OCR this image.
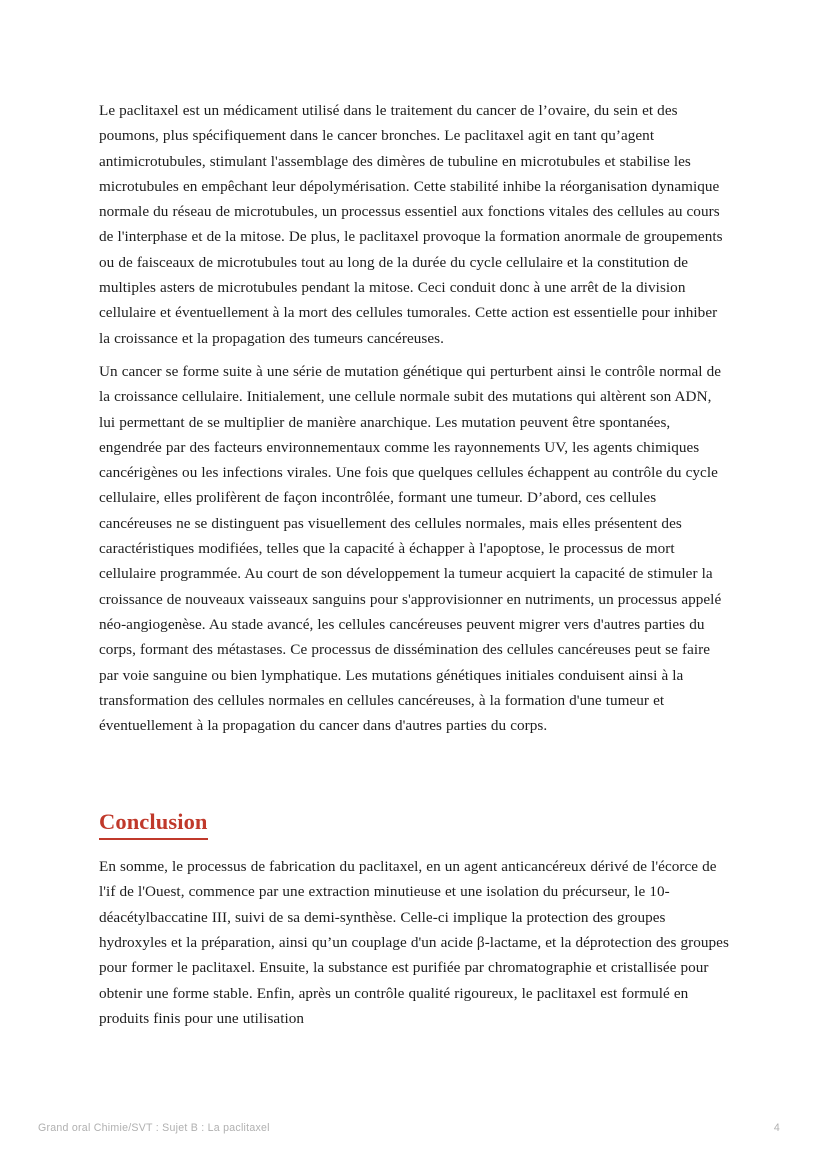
Le paclitaxel est un médicament utilisé dans le traitement du cancer de l’ovaire, du sein et des poumons, plus spécifiquement dans le cancer bronches. Le paclitaxel agit en tant qu’agent antimicrotubules, stimulant l'assemblage des dimères de tubuline en microtubules et stabilise les microtubules en empêchant leur dépolymérisation. Cette stabilité inhibe la réorganisation dynamique normale du réseau de microtubules, un processus essentiel aux fonctions vitales des cellules au cours de l'interphase et de la mitose. De plus, le paclitaxel provoque la formation anormale de groupements ou de faisceaux de microtubules tout au long de la durée du cycle cellulaire et la constitution de multiples asters de microtubules pendant la mitose. Ceci conduit donc à une arrêt de la division cellulaire et éventuellement à la mort des cellules tumorales. Cette action est essentielle pour inhiber la croissance et la propagation des tumeurs cancéreuses.

Un cancer se forme suite à une série de mutation génétique qui perturbent ainsi le contrôle normal de la croissance cellulaire. Initialement, une cellule normale subit des mutations qui altèrent son ADN, lui permettant de se multiplier de manière anarchique. Les mutation peuvent être spontanées, engendrée par des facteurs environnementaux comme les rayonnements UV, les agents chimiques cancérigènes ou les infections virales. Une fois que quelques cellules échappent au contrôle du cycle cellulaire, elles prolifèrent de façon incontrôlée, formant une tumeur. D’abord, ces cellules cancéreuses ne se distinguent pas visuellement des cellules normales, mais elles présentent des caractéristiques modifiées, telles que la capacité à échapper à l'apoptose, le processus de mort cellulaire programmée. Au court de son développement la tumeur acquiert la capacité de stimuler la croissance de nouveaux vaisseaux sanguins pour s'approvisionner en nutriments, un processus appelé néo-angiogenèse. Au stade avancé, les cellules cancéreuses peuvent migrer vers d'autres parties du corps, formant des métastases. Ce processus de dissémination des cellules cancéreuses peut se faire par voie sanguine ou bien lymphatique. Les mutations génétiques initiales conduisent ainsi à la transformation des cellules normales en cellules cancéreuses, à la formation d'une tumeur et éventuellement à la propagation du cancer dans d'autres parties du corps.

Conclusion

En somme, le processus de fabrication du paclitaxel, en un agent anticancéreux dérivé de l'écorce de l'if de l'Ouest, commence par une extraction minutieuse et une isolation du précurseur, le 10-déacétylbaccatine III, suivi de sa demi-synthèse. Celle-ci implique la protection des groupes hydroxyles et la préparation, ainsi qu’un couplage d'un acide β-lactame, et la déprotection des groupes pour former le paclitaxel. Ensuite, la substance est purifiée par chromatographie et cristallisée pour obtenir une forme stable. Enfin, après un contrôle qualité rigoureux, le paclitaxel est formulé en produits finis pour une utilisation

Grand oral Chimie/SVT : Sujet B : La paclitaxel	4
